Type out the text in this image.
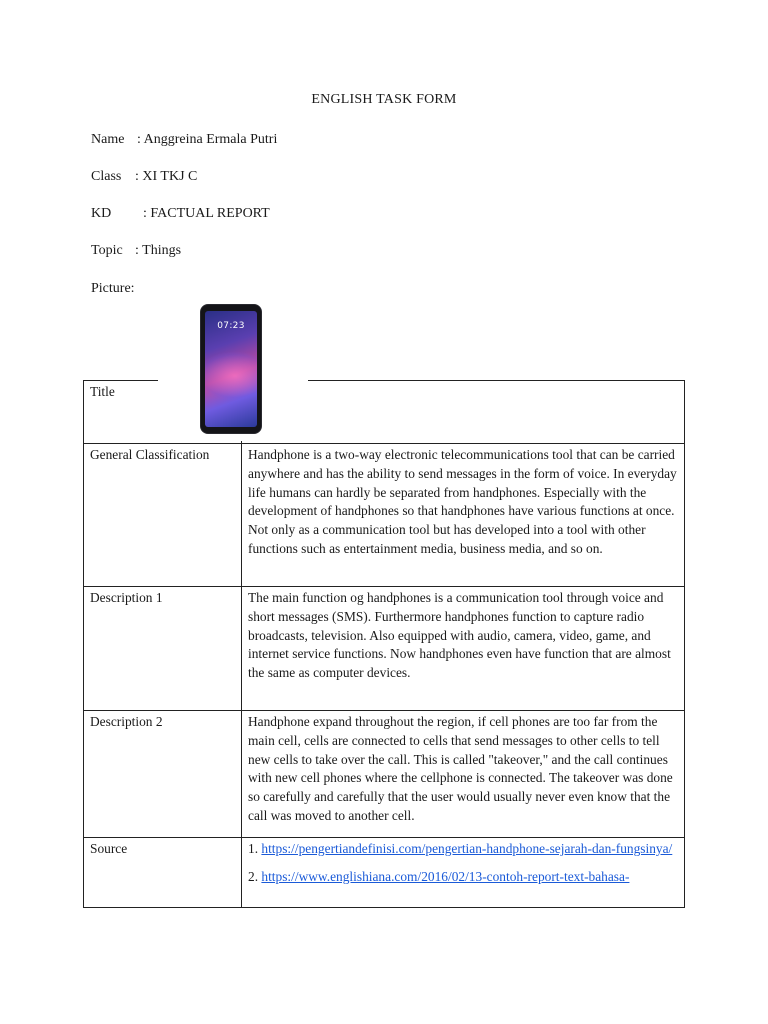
ENGLISH TASK FORM
Name : Anggreina Ermala Putri
Class : XI TKJ C
KD : FACTUAL REPORT
Topic : Things
Picture:
Title	
General Classification	Handphone is a two-way electronic telecommunications tool that can be carried anywhere and has the ability to send messages in the form of voice. In everyday life humans can hardly be separated from handphones. Especially with the development of handphones so that handphones have various functions at once. Not only as a communication tool but has developed into a tool with other functions such as entertainment media, business media, and so on.
Description 1	The main function og handphones is a communication tool through voice and short messages (SMS). Furthermore handphones function to capture radio broadcasts, television. Also equipped with audio, camera, video, game, and internet service functions. Now handphones even have function that are almost the same as computer devices.
Description 2	Handphone expand throughout the region, if cell phones are too far from the main cell, cells are connected to cells that send messages to other cells to tell new cells to take over the call. This is called "takeover," and the call continues with new cell phones where the cellphone is connected. The takeover was done so carefully and carefully that the user would usually never even know that the call was moved to another cell.
Source	1. https://pengertiandefinisi.com/pengertian-handphone-sejarah-dan-fungsinya/
2. https://www.englishiana.com/2016/02/13-contoh-report-text-bahasa-
07:23
